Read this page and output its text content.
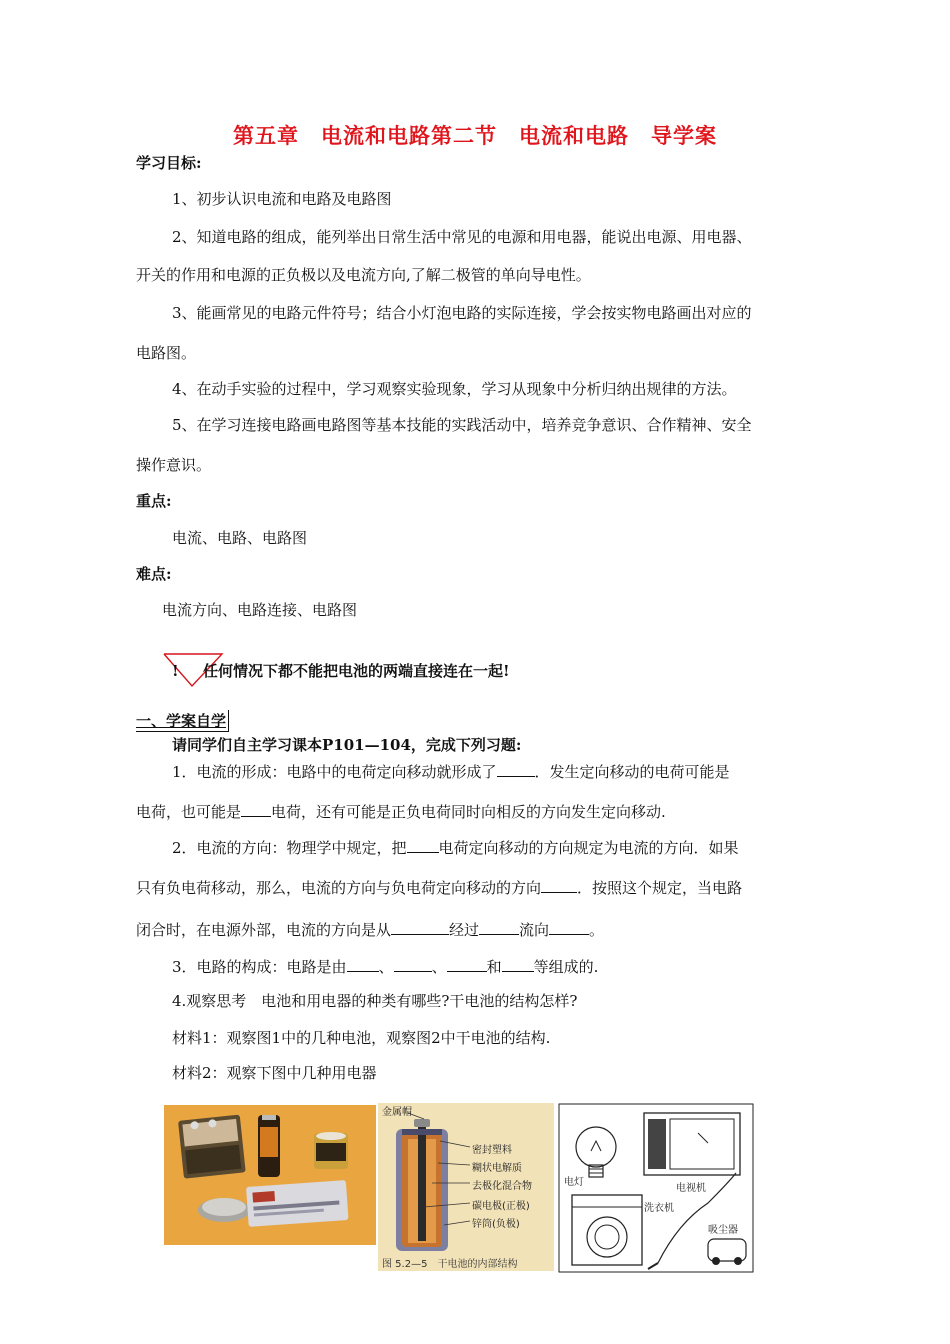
第五章　电流和电路第二节　电流和电路　导学案
学习目标:
1、初步认识电流和电路及电路图
2、知道电路的组成，能列举出日常生活中常见的电源和用电器，能说出电源、用电器、
开关的作用和电源的正负极以及电流方向,了解二极管的单向导电性。
3、能画常见的电路元件符号；结合小灯泡电路的实际连接，学会按实物电路画出对应的
电路图。
4、在动手实验的过程中，学习观察实验现象，学习从现象中分析归纳出规律的方法。
5、在学习连接电路画电路图等基本技能的实践活动中，培养竞争意识、合作精神、安全
操作意识。
重点:
电流、电路、电路图
难点:
电流方向、电路连接、电路图
! 任何情况下都不能把电池的两端直接连在一起!
一、学案自学
请同学们自主学习课本P101—104，完成下列习题:
1．电流的形成：电路中的电荷定向移动就形成了	．发生定向移动的电荷可能是
电荷，也可能是 电荷，还有可能是正负电荷同时向相反的方向发生定向移动.
2．电流的方向：物理学中规定，把 电荷定向移动的方向规定为电流的方向．如果
只有负电荷移动，那么，电流的方向与负电荷定向移动的方向 ．按照这个规定，当电路
闭合时，在电源外部，电流的方向是从	经过	流向	。
3．电路的构成：电路是由 、	、	和 等组成的.
4.观察思考　电池和用电器的种类有哪些?干电池的结构怎样?
材料1：观察图1中的几种电池，观察图2中干电池的结构.
材料2：观察下图中几种用电器
金属帽
密封塑料
糊状电解质
去极化混合物
碳电极(正极)
锌筒(负极)
图 5.2—5　干电池的内部结构
电灯
电视机
洗衣机
吸尘器
